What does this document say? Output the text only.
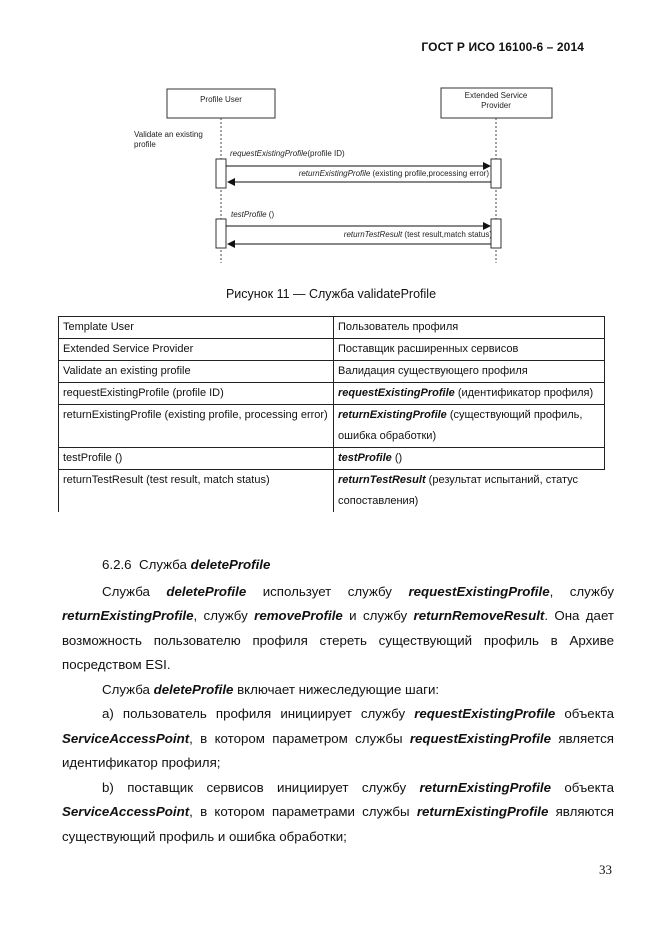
ГОСТ Р ИСО 16100-6 – 2014
Profile User	Extended Service
Provider
Validate an existing
profile
requestExistingProfile(profile ID)
returnExistingProfile (existing profile,processing error)
testProfile ()
returnTestResult (test result,match status)
Рисунок 11 — Служба validateProfile
Template User	Пользователь профиля
Extended Service Provider	Поставщик расширенных сервисов
Validate an existing profile	Валидация существующего профиля
requestExistingProfile (profile ID)	requestExistingProfile (идентификатор профиля)
returnExistingProfile (existing profile, processing error)	returnExistingProfile (существующий профиль, ошибка обработки)
testProfile ()	testProfile ()
returnTestResult (test result, match status)	returnTestResult (результат испытаний, статус сопоставления)

6.2.6 Служба deleteProfile

Служба deleteProfile использует службу requestExistingProfile, службу returnExistingProfile, службу removeProfile и службу returnRemoveResult. Она дает возможность пользователю профиля стереть существующий профиль в Архиве посредством ESI.

Служба deleteProfile включает нижеследующие шаги:

а) пользователь профиля инициирует службу requestExistingProfile объекта ServiceAccessPoint, в котором параметром службы requestExistingProfile является идентификатор профиля;

b) поставщик сервисов инициирует службу returnExistingProfile объекта ServiceAccessPoint, в котором параметрами службы returnExistingProfile являются существующий профиль и ошибка обработки;

33
